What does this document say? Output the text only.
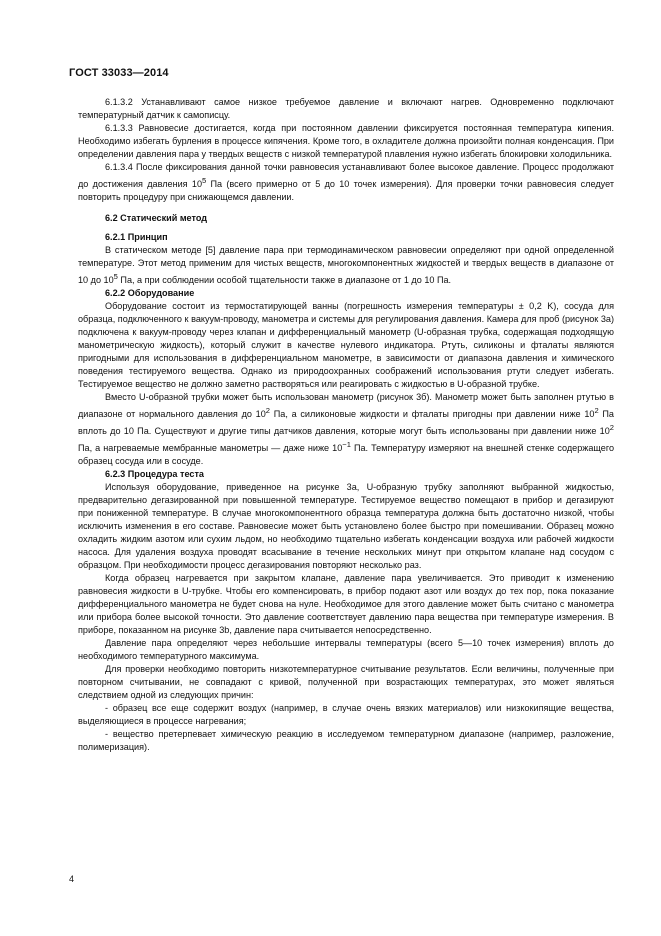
ГОСТ 33033—2014

6.1.3.2 Устанавливают самое низкое требуемое давление и включают нагрев. Одновременно подключают температурный датчик к самописцу.

6.1.3.3 Равновесие достигается, когда при постоянном давлении фиксируется постоянная температура кипения. Необходимо избегать бурления в процессе кипячения. Кроме того, в охладителе должна произойти полная конденсация. При определении давления пара у твердых веществ с низкой температурой плавления нужно избегать блокировки холодильника.

6.1.3.4 После фиксирования данной точки равновесия устанавливают более высокое давление. Процесс продолжают до достижения давления $10^5$ Па (всего примерно от 5 до 10 точек измерения). Для проверки точки равновесия следует повторить процедуру при снижающемся давлении.

6.2 Статический метод

6.2.1 Принцип

В статическом методе [5] давление пара при термодинамическом равновесии определяют при одной определенной температуре. Этот метод применим для чистых веществ, многокомпонентных жидкостей и твердых веществ в диапазоне от 10 до $10^5$ Па, а при соблюдении особой тщательности также в диапазоне от 1 до 10 Па.

6.2.2 Оборудование

Оборудование состоит из термостатирующей ванны (погрешность измерения температуры ± 0,2 K), сосуда для образца, подключенного к вакуум-проводу, манометра и системы для регулирования давления. Камера для проб (рисунок 3а) подключена к вакуум-проводу через клапан и дифференциальный манометр (U-образная трубка, содержащая подходящую манометрическую жидкость), который служит в качестве нулевого индикатора. Ртуть, силиконы и фталаты являются пригодными для использования в дифференциальном манометре, в зависимости от диапазона давления и химического поведения тестируемого вещества. Однако из природоохранных соображений использования ртути следует избегать. Тестируемое вещество не должно заметно растворяться или реагировать с жидкостью в U-образной трубке.

Вместо U-образной трубки может быть использован манометр (рисунок 3б). Манометр может быть заполнен ртутью в диапазоне от нормального давления до $10^2$ Па, а силиконовые жидкости и фталаты пригодны при давлении ниже $10^2$ Па вплоть до 10 Па. Существуют и другие типы датчиков давления, которые могут быть использованы при давлении ниже $10^2$ Па, а нагреваемые мембранные манометры — даже ниже $10^{-1}$ Па. Температуру измеряют на внешней стенке содержащего образец сосуда или в сосуде.

6.2.3 Процедура теста

Используя оборудование, приведенное на рисунке 3а, U-образную трубку заполняют выбранной жидкостью, предварительно дегазированной при повышенной температуре. Тестируемое вещество помещают в прибор и дегазируют при пониженной температуре. В случае многокомпонентного образца температура должна быть достаточно низкой, чтобы исключить изменения в его составе. Равновесие может быть установлено более быстро при помешивании. Образец можно охладить жидким азотом или сухим льдом, но необходимо тщательно избегать конденсации воздуха или рабочей жидкости насоса. Для удаления воздуха проводят всасывание в течение нескольких минут при открытом клапане над сосудом с образцом. При необходимости процесс дегазирования повторяют несколько раз.

Когда образец нагревается при закрытом клапане, давление пара увеличивается. Это приводит к изменению равновесия жидкости в U-трубке. Чтобы его компенсировать, в прибор подают азот или воздух до тех пор, пока показание дифференциального манометра не будет снова на нуле. Необходимое для этого давление может быть считано с манометра или прибора более высокой точности. Это давление соответствует давлению пара вещества при температуре измерения. В приборе, показанном на рисунке 3b, давление пара считывается непосредственно.

Давление пара определяют через небольшие интервалы температуры (всего 5—10 точек измерения) вплоть до необходимого температурного максимума.

Для проверки необходимо повторить низкотемпературное считывание результатов. Если величины, полученные при повторном считывании, не совпадают с кривой, полученной при возрастающих температурах, это может являться следствием одной из следующих причин:

- образец все еще содержит воздух (например, в случае очень вязких материалов) или низкокипящие вещества, выделяющиеся в процессе нагревания;

- вещество претерпевает химическую реакцию в исследуемом температурном диапазоне (например, разложение, полимеризация).

4
